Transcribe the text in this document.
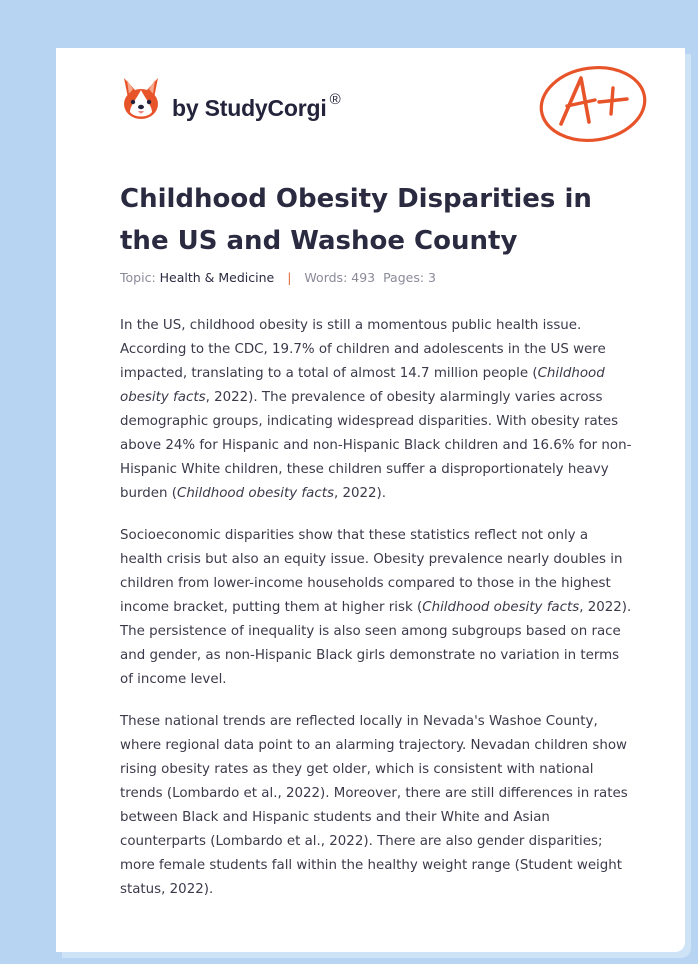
by StudyCorgi ®
Childhood Obesity Disparities in the US and Washoe County
Topic: Health & Medicine | Words: 493 Pages: 3

In the US, childhood obesity is still a momentous public health issue. According to the CDC, 19.7% of children and adolescents in the US were impacted, translating to a total of almost 14.7 million people (Childhood obesity facts, 2022). The prevalence of obesity alarmingly varies across demographic groups, indicating widespread disparities. With obesity rates above 24% for Hispanic and non-Hispanic Black children and 16.6% for non-Hispanic White children, these children suffer a disproportionately heavy burden (Childhood obesity facts, 2022).

Socioeconomic disparities show that these statistics reflect not only a health crisis but also an equity issue. Obesity prevalence nearly doubles in children from lower-income households compared to those in the highest income bracket, putting them at higher risk (Childhood obesity facts, 2022). The persistence of inequality is also seen among subgroups based on race and gender, as non-Hispanic Black girls demonstrate no variation in terms of income level.

These national trends are reflected locally in Nevada's Washoe County, where regional data point to an alarming trajectory. Nevadan children show rising obesity rates as they get older, which is consistent with national trends (Lombardo et al., 2022). Moreover, there are still differences in rates between Black and Hispanic students and their White and Asian counterparts (Lombardo et al., 2022). There are also gender disparities; more female students fall within the healthy weight range (Student weight status, 2022).
